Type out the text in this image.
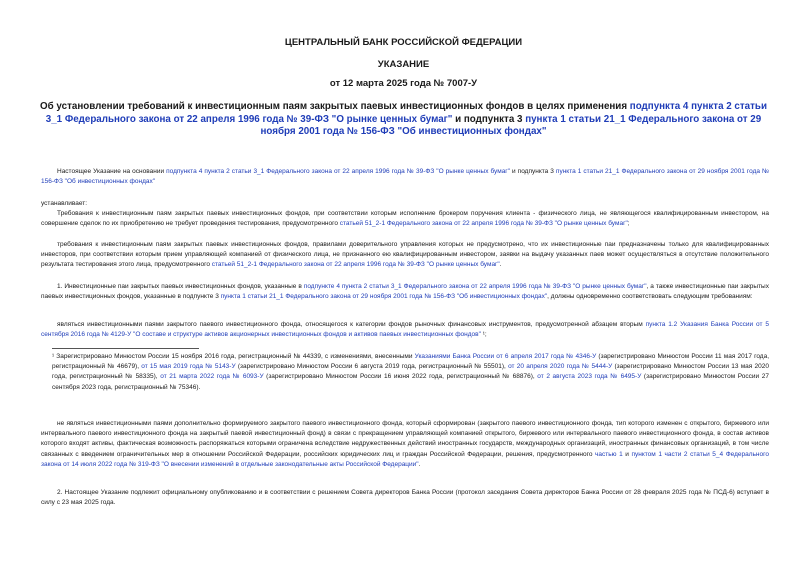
ЦЕНТРАЛЬНЫЙ БАНК РОССИЙСКОЙ ФЕДЕРАЦИИ
УКАЗАНИЕ
от 12 марта 2025 года № 7007-У
Об установлении требований к инвестиционным паям закрытых паевых инвестиционных фондов в целях применения подпункта 4 пункта 2 статьи 3_1 Федерального закона от 22 апреля 1996 года № 39-ФЗ "О рынке ценных бумаг" и подпункта 3 пункта 1 статьи 21_1 Федерального закона от 29 ноября 2001 года № 156-ФЗ "Об инвестиционных фондах"

Настоящее Указание на основании подпункта 4 пункта 2 статьи 3_1 Федерального закона от 22 апреля 1996 года № 39-ФЗ "О рынке ценных бумаг" и подпункта 3 пункта 1 статьи 21_1 Федерального закона от 29 ноября 2001 года № 156-ФЗ "Об инвестиционных фондах"

устанавливает:

Требования к инвестиционным паям закрытых паевых инвестиционных фондов, при соответствии которым исполнение брокером поручения клиента - физического лица, не являющегося квалифицированным инвестором, на совершение сделок по их приобретению не требует проведения тестирования, предусмотренного статьей 51_2-1 Федерального закона от 22 апреля 1996 года № 39-ФЗ "О рынке ценных бумаг";

требования к инвестиционным паям закрытых паевых инвестиционных фондов, правилами доверительного управления которых не предусмотрено, что их инвестиционные паи предназначены только для квалифицированных инвесторов, при соответствии которым прием управляющей компанией от физического лица, не признанного ею квалифицированным инвестором, заявки на выдачу указанных паев может осуществляться в отсутствие положительного результата тестирования этого лица, предусмотренного статьей 51_2-1 Федерального закона от 22 апреля 1996 года № 39-ФЗ "О рынке ценных бумаг".

1. Инвестиционные паи закрытых паевых инвестиционных фондов, указанные в подпункте 4 пункта 2 статьи 3_1 Федерального закона от 22 апреля 1996 года № 39-ФЗ "О рынке ценных бумаг", а также инвестиционные паи закрытых паевых инвестиционных фондов, указанные в подпункте 3 пункта 1 статьи 21_1 Федерального закона от 29 ноября 2001 года № 156-ФЗ "Об инвестиционных фондах", должны одновременно соответствовать следующим требованиям:

являться инвестиционными паями закрытого паевого инвестиционного фонда, относящегося к категории фондов рыночных финансовых инструментов, предусмотренной абзацем вторым пункта 1.2 Указания Банка России от 5 сентября 2016 года № 4129-У "О составе и структуре активов акционерных инвестиционных фондов и активов паевых инвестиционных фондов" ¹;

¹ Зарегистрировано Минюстом России 15 ноября 2016 года, регистрационный № 44339, с изменениями, внесенными Указаниями Банка России от 6 апреля 2017 года № 4346-У (зарегистрировано Минюстом России 11 мая 2017 года, регистрационный № 46679), от 15 мая 2019 года № 5143-У (зарегистрировано Минюстом России 6 августа 2019 года, регистрационный № 55501), от 20 апреля 2020 года № 5444-У (зарегистрировано Минюстом России 13 мая 2020 года, регистрационный № 58335), от 21 марта 2022 года № 6093-У (зарегистрировано Минюстом России 16 июня 2022 года, регистрационный № 68876), от 2 августа 2023 года № 6495-У (зарегистрировано Минюстом России 27 сентября 2023 года, регистрационный № 75346).

не являться инвестиционными паями дополнительно формируемого закрытого паевого инвестиционного фонда, который сформирован (закрытого паевого инвестиционного фонда, тип которого изменен с открытого, биржевого или интервального паевого инвестиционного фонда на закрытый паевой инвестиционный фонд) в связи с прекращением управляющей компанией открытого, биржевого или интервального паевого инвестиционного фонда, в состав активов которого входят активы, фактическая возможность распоряжаться которыми ограничена вследствие недружественных действий иностранных государств, международных организаций, иностранных финансовых организаций, в том числе связанных с введением ограничительных мер в отношении Российской Федерации, российских юридических лиц и граждан Российской Федерации, решения, предусмотренного частью 1 и пунктом 1 части 2 статьи 5_4 Федерального закона от 14 июля 2022 года № 319-ФЗ "О внесении изменений в отдельные законодательные акты Российской Федерации".

2. Настоящее Указание подлежит официальному опубликованию и в соответствии с решением Совета директоров Банка России (протокол заседания Совета директоров Банка России от 28 февраля 2025 года № ПСД-6) вступает в силу с 23 мая 2025 года.
